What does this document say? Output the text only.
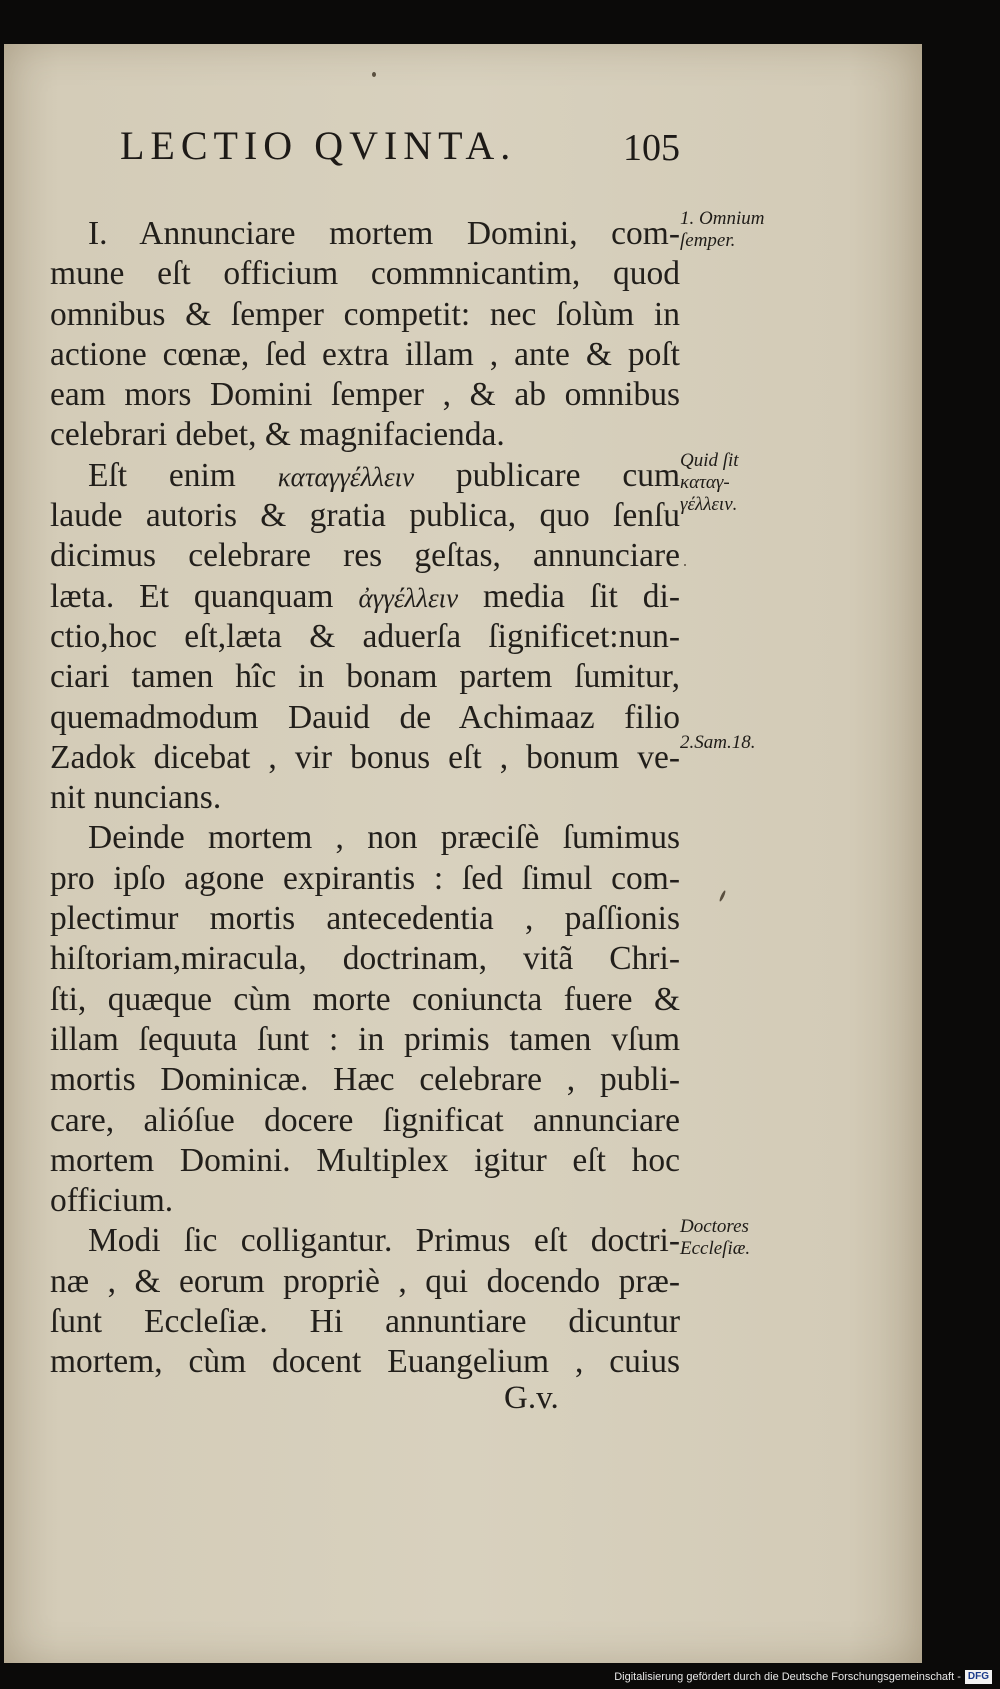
LECTIO QVINTA.	105
I. Annunciare mortem Domini, com-
mune eſt officium commnicantim, quod
omnibus & ſemper competit: nec ſolùm in
actione cœnæ, ſed extra illam , ante & poſt
eam mors Domini ſemper , & ab omnibus
celebrari debet, & magnifacienda.
Eſt enim καταγγέλλειν publicare cum
laude autoris & gratia publica, quo ſenſu
dicimus celebrare res geſtas, annunciare
læta. Et quanquam ἀγγέλλειν media ſit di-
ctio,hoc eſt,læta & aduerſa ſignificet:nun-
ciari tamen hîc in bonam partem ſumitur,
quemadmodum Dauid de Achimaaz filio
Zadok dicebat , vir bonus eſt , bonum ve-
nit nuncians.
Deinde mortem , non præciſè ſumimus
pro ipſo agone expirantis : ſed ſimul com-
plectimur mortis antecedentia , paſſionis
hiſtoriam,miracula, doctrinam, vitã Chri-
ſti, quæque cùm morte coniuncta fuere &
illam ſequuta ſunt : in primis tamen vſum
mortis Dominicæ. Hæc celebrare , publi-
care, alióſue docere ſignificat annunciare
mortem Domini. Multiplex igitur eſt hoc
officium.
Modi ſic colligantur. Primus eſt doctri-
næ , & eorum propriè , qui docendo præ-
ſunt Eccleſiæ. Hi annuntiare dicuntur
mortem, cùm docent Euangelium , cuius
1. Omnium
ſemper.
Quid ſit
καταγ-
γέλλειν.
2.Sam.18.
Doctores
Eccleſiæ.
G.v.
Digitalisierung gefördert durch die Deutsche Forschungsgemeinschaft - DFG
